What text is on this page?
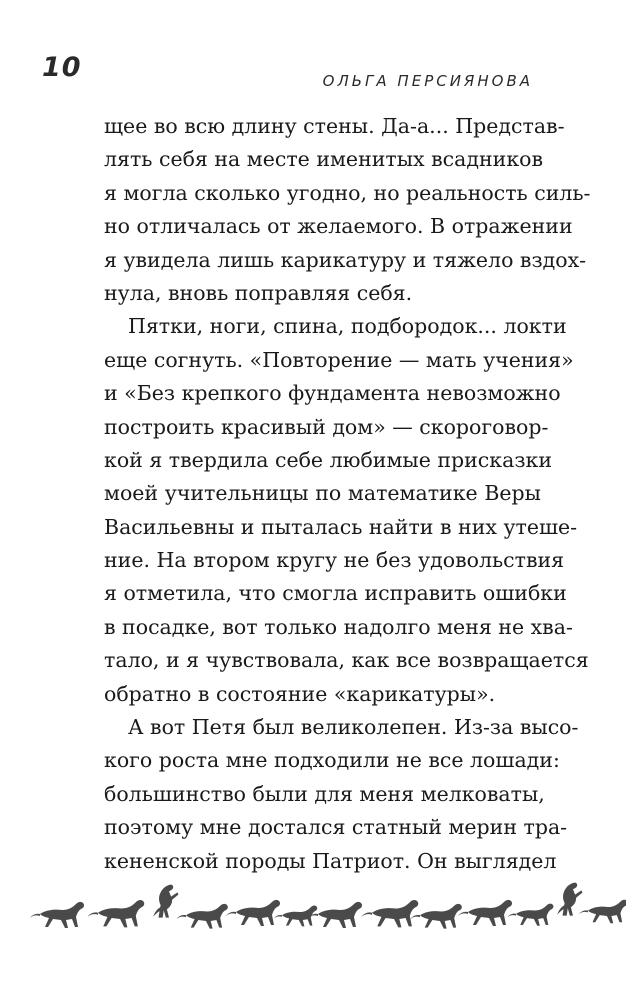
10	ОЛЬГА ПЕРСИЯНОВА
щее во всю длину стены. Да-а... Представ-
лять себя на месте именитых всадников
я могла сколько угодно, но реальность силь-
но отличалась от желаемого. В отражении
я увидела лишь карикатуру и тяжело вздох-
нула, вновь поправляя себя.
Пятки, ноги, спина, подбородок... локти
еще согнуть. «Повторение — мать учения»
и «Без крепкого фундамента невозможно
построить красивый дом» — скороговор-
кой я твердила себе любимые присказки
моей учительницы по математике Веры
Васильевны и пыталась найти в них утеше-
ние. На втором кругу не без удовольствия
я отметила, что смогла исправить ошибки
в посадке, вот только надолго меня не хва-
тало, и я чувствовала, как все возвращается
обратно в состояние «карикатуры».
А вот Петя был великолепен. Из-за высо-
кого роста мне подходили не все лошади:
большинство были для меня мелковаты,
поэтому мне достался статный мерин тра-
кененской породы Патриот. Он выглядел
